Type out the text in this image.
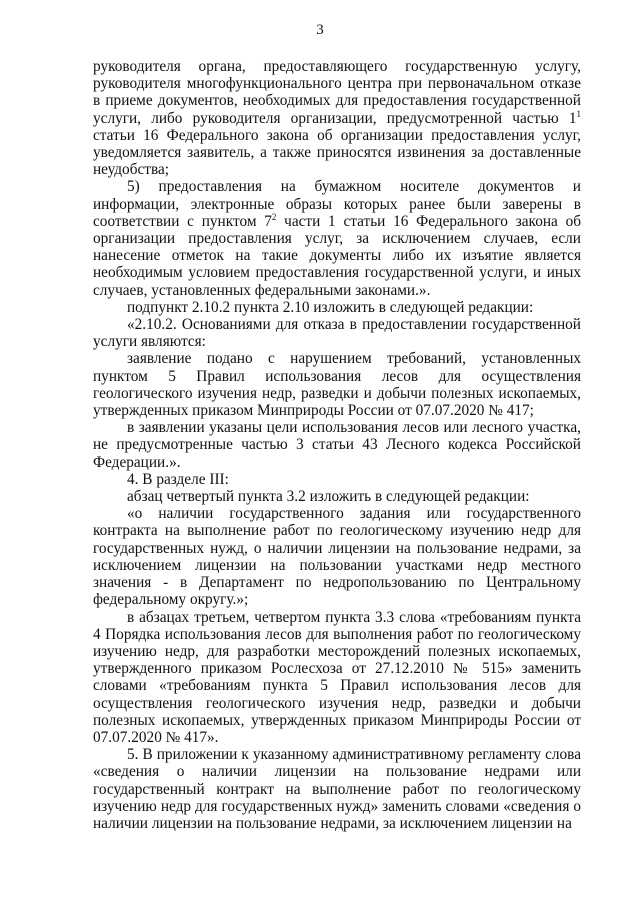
3

руководителя органа, предоставляющего государственную услугу, руководителя многофункционального центра при первоначальном отказе в приеме документов, необходимых для предоставления государственной услуги, либо руководителя организации, предусмотренной частью $1^1$ статьи 16 Федерального закона об организации предоставления услуг, уведомляется заявитель, а также приносятся извинения за доставленные неудобства;

5) предоставления на бумажном носителе документов и информации, электронные образы которых ранее были заверены в соответствии с пунктом $7^2$ части 1 статьи 16 Федерального закона об организации предоставления услуг, за исключением случаев, если нанесение отметок на такие документы либо их изъятие является необходимым условием предоставления государственной услуги, и иных случаев, установленных федеральными законами.».

подпункт 2.10.2 пункта 2.10 изложить в следующей редакции:

«2.10.2. Основаниями для отказа в предоставлении государственной услуги являются:

заявление подано с нарушением требований, установленных пунктом 5 Правил использования лесов для осуществления геологического изучения недр, разведки и добычи полезных ископаемых, утвержденных приказом Минприроды России от 07.07.2020 № 417;

в заявлении указаны цели использования лесов или лесного участка, не предусмотренные частью 3 статьи 43 Лесного кодекса Российской Федерации.».

4. В разделе III:

абзац четвертый пункта 3.2 изложить в следующей редакции:

«о наличии государственного задания или государственного контракта на выполнение работ по геологическому изучению недр для государственных нужд, о наличии лицензии на пользование недрами, за исключением лицензии на пользовании участками недр местного значения - в Департамент по недропользованию по Центральному федеральному округу.»;

в абзацах третьем, четвертом пункта 3.3 слова «требованиям пункта 4 Порядка использования лесов для выполнения работ по геологическому изучению недр, для разработки месторождений полезных ископаемых, утвержденного приказом Рослесхоза от 27.12.2010 № 515» заменить словами «требованиям пункта 5 Правил использования лесов для осуществления геологического изучения недр, разведки и добычи полезных ископаемых, утвержденных приказом Минприроды России от 07.07.2020 № 417».

5. В приложении к указанному административному регламенту слова «сведения о наличии лицензии на пользование недрами или государственный контракт на выполнение работ по геологическому изучению недр для государственных нужд» заменить словами «сведения о наличии лицензии на пользование недрами, за исключением лицензии на
